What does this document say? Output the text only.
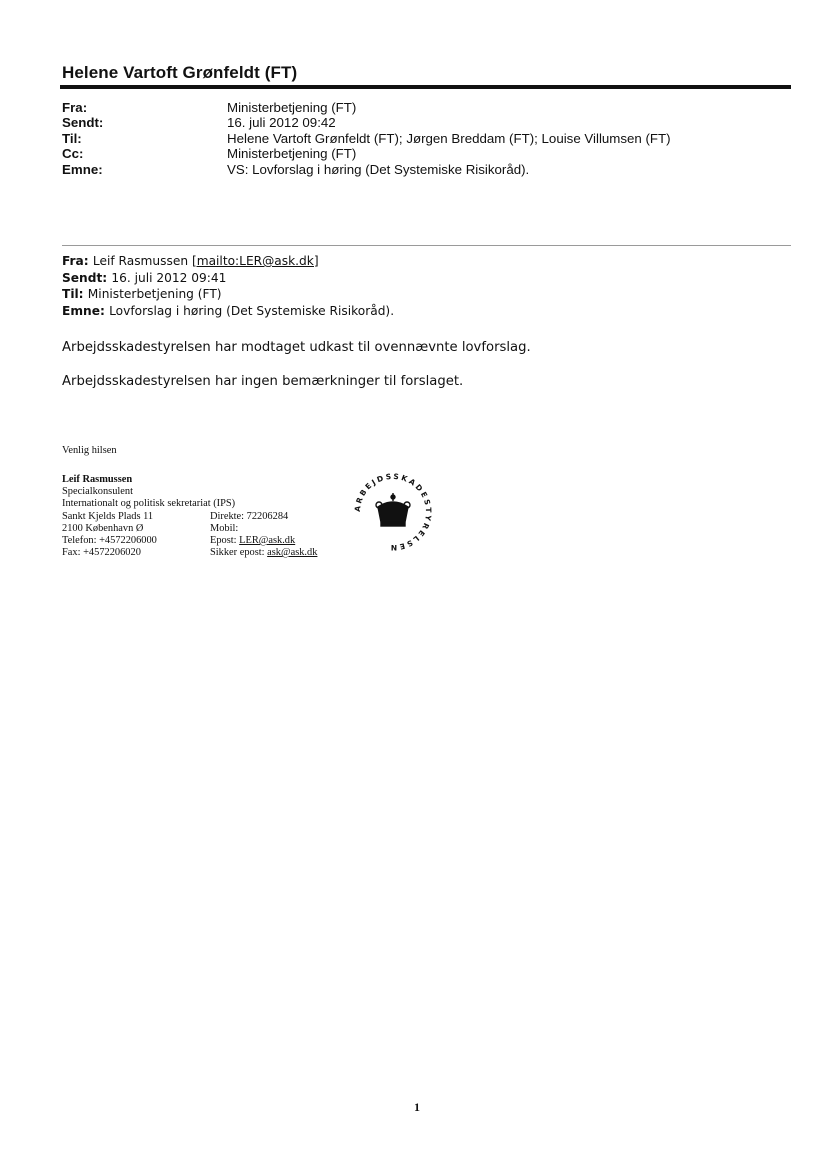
Helene Vartoft Grønfeldt (FT)
Fra:	Ministerbetjening (FT)
Sendt:	16. juli 2012 09:42
Til:	Helene Vartoft Grønfeldt (FT); Jørgen Breddam (FT); Louise Villumsen (FT)
Cc:	Ministerbetjening (FT)
Emne:	VS: Lovforslag i høring (Det Systemiske Risikoråd).
Fra: Leif Rasmussen [mailto:LER@ask.dk]
Sendt: 16. juli 2012 09:41
Til: Ministerbetjening (FT)
Emne: Lovforslag i høring (Det Systemiske Risikoråd).

Arbejdsskadestyrelsen har modtaget udkast til ovennævnte lovforslag.

Arbejdsskadestyrelsen har ingen bemærkninger til forslaget.

Venlig hilsen
Leif Rasmussen
Specialkonsulent
Internationalt og politisk sekretariat (IPS)
Sankt Kjelds Plads 11	Direkte: 72206284
2100 København Ø	Mobil:
Telefon: +4572206000	Epost: LER@ask.dk
Fax: +4572206020	Sikker epost: ask@ask.dk
ARBEJDSSKADESTYRELSEN
1
